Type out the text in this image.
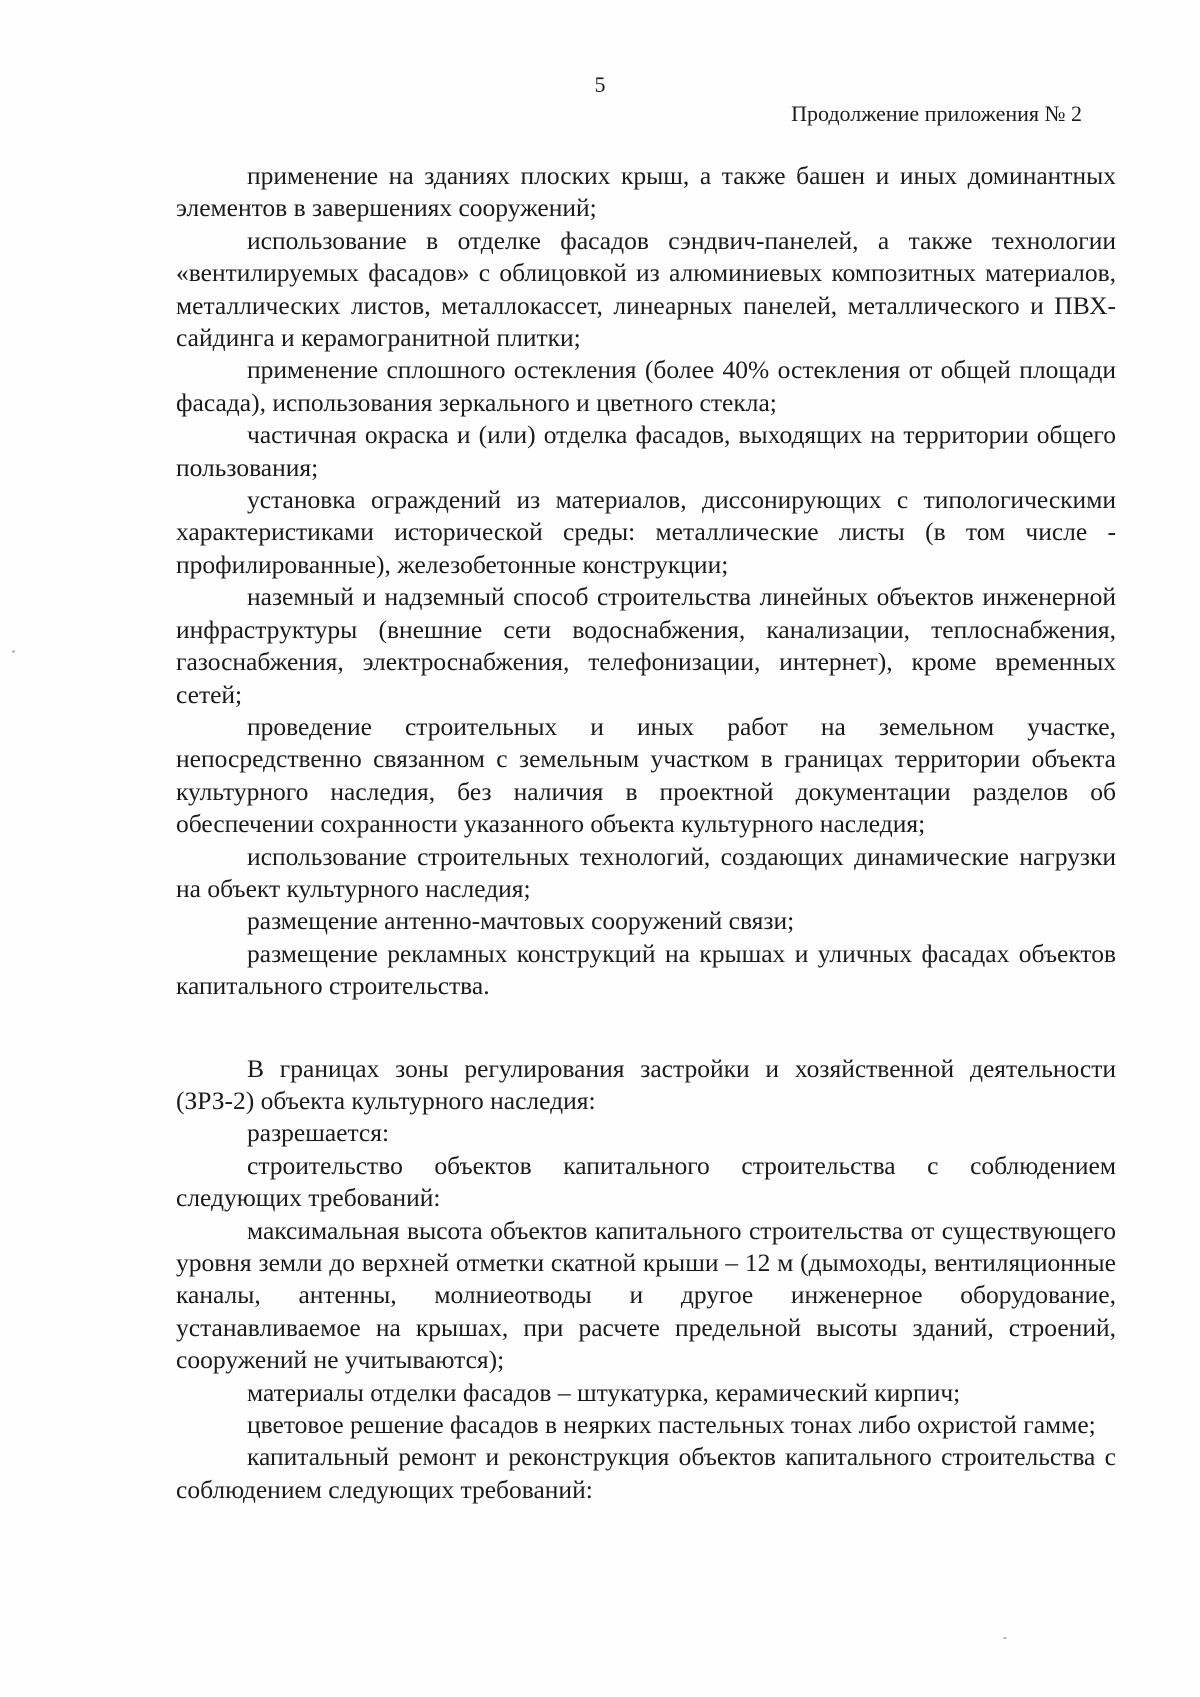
5
Продолжение приложения № 2

применение на зданиях плоских крыш, а также башен и иных доминантных элементов в завершениях сооружений;

использование в отделке фасадов сэндвич-панелей, а также технологии «вентилируемых фасадов» с облицовкой из алюминиевых композитных материалов, металлических листов, металлокассет, линеарных панелей, металлического и ПВХ-сайдинга и керамогранитной плитки;

применение сплошного остекления (более 40% остекления от общей площади фасада), использования зеркального и цветного стекла;

частичная окраска и (или) отделка фасадов, выходящих на территории общего пользования;

установка ограждений из материалов, диссонирующих с типологическими характеристиками исторической среды: металлические листы (в том числе - профилированные), железобетонные конструкции;

наземный и надземный способ строительства линейных объектов инженерной инфраструктуры (внешние сети водоснабжения, канализации, теплоснабжения, газоснабжения, электроснабжения, телефонизации, интернет), кроме временных сетей;

проведение строительных и иных работ на земельном участке, непосредственно связанном с земельным участком в границах территории объекта культурного наследия, без наличия в проектной документации разделов об обеспечении сохранности указанного объекта культурного наследия;

использование строительных технологий, создающих динамические нагрузки на объект культурного наследия;

размещение антенно-мачтовых сооружений связи;

размещение рекламных конструкций на крышах и уличных фасадах объектов капитального строительства.

В границах зоны регулирования застройки и хозяйственной деятельности (ЗРЗ-2) объекта культурного наследия:

разрешается:

строительство объектов капитального строительства с соблюдением следующих требований:

максимальная высота объектов капитального строительства от существующего уровня земли до верхней отметки скатной крыши – 12 м (дымоходы, вентиляционные каналы, антенны, молниеотводы и другое инженерное оборудование, устанавливаемое на крышах, при расчете предельной высоты зданий, строений, сооружений не учитываются);

материалы отделки фасадов – штукатурка, керамический кирпич;

цветовое решение фасадов в неярких пастельных тонах либо охристой гамме;

капитальный ремонт и реконструкция объектов капитального строительства с соблюдением следующих требований:
